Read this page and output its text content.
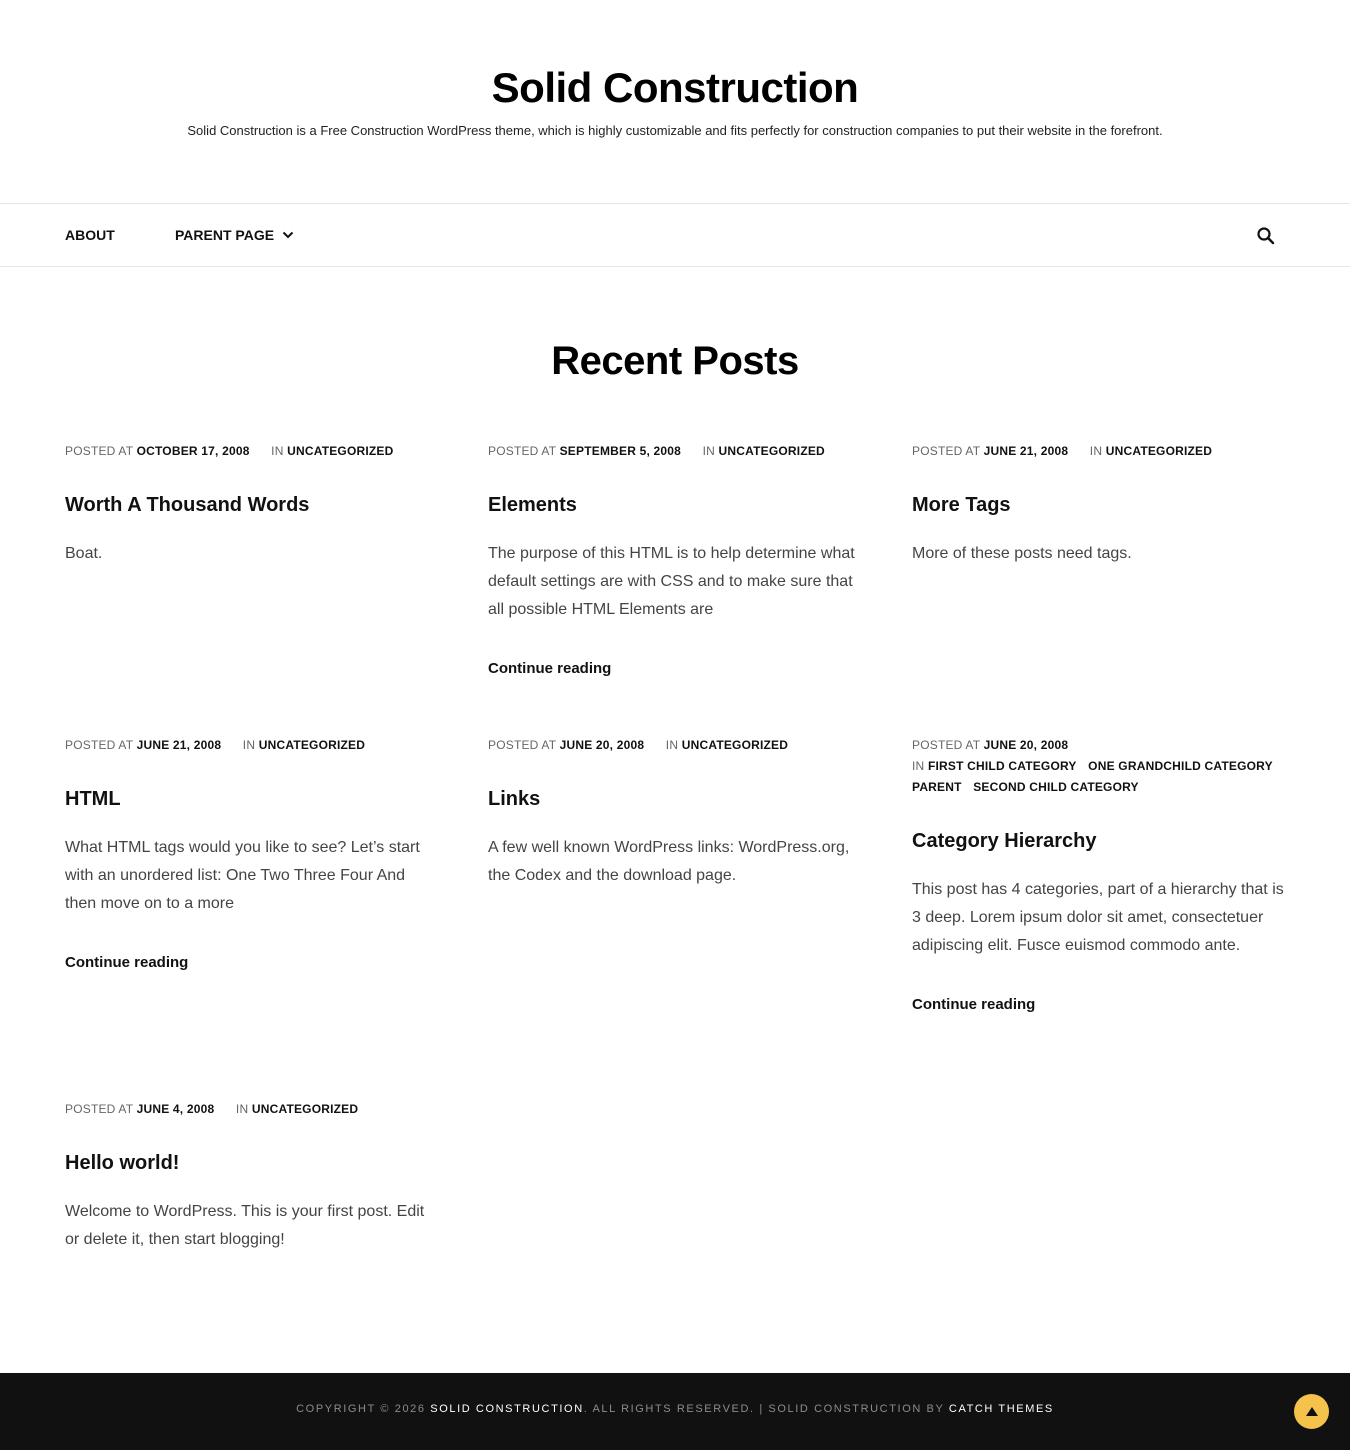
Solid Construction
Solid Construction is a Free Construction WordPress theme, which is highly customizable and fits perfectly for construction companies to put their website in the forefront.
ABOUT	PARENT PAGE
Recent Posts
POSTED AT OCTOBER 17, 2008 IN UNCATEGORIZED
Worth A Thousand Words

Boat.

POSTED AT SEPTEMBER 5, 2008 IN UNCATEGORIZED
Elements

The purpose of this HTML is to help determine what default settings are with CSS and to make sure that all possible HTML Elements are

Continue reading
POSTED AT JUNE 21, 2008 IN UNCATEGORIZED
More Tags

More of these posts need tags.

POSTED AT JUNE 21, 2008 IN UNCATEGORIZED
HTML

What HTML tags would you like to see? Let’s start with an unordered list: One Two Three Four And then move on to a more

Continue reading
POSTED AT JUNE 20, 2008 IN UNCATEGORIZED
Links

A few well known WordPress links: WordPress.org, the Codex and the download page.

POSTED AT JUNE 20, 2008
IN FIRST CHILD CATEGORY ONE GRANDCHILD CATEGORY
PARENT SECOND CHILD CATEGORY
Category Hierarchy

This post has 4 categories, part of a hierarchy that is 3 deep. Lorem ipsum dolor sit amet, consectetuer adipiscing elit. Fusce euismod commodo ante.

Continue reading
POSTED AT JUNE 4, 2008 IN UNCATEGORIZED
Hello world!

Welcome to WordPress. This is your first post. Edit or delete it, then start blogging!

COPYRIGHT © 2026 SOLID CONSTRUCTION. ALL RIGHTS RESERVED. | SOLID CONSTRUCTION BY CATCH THEMES
